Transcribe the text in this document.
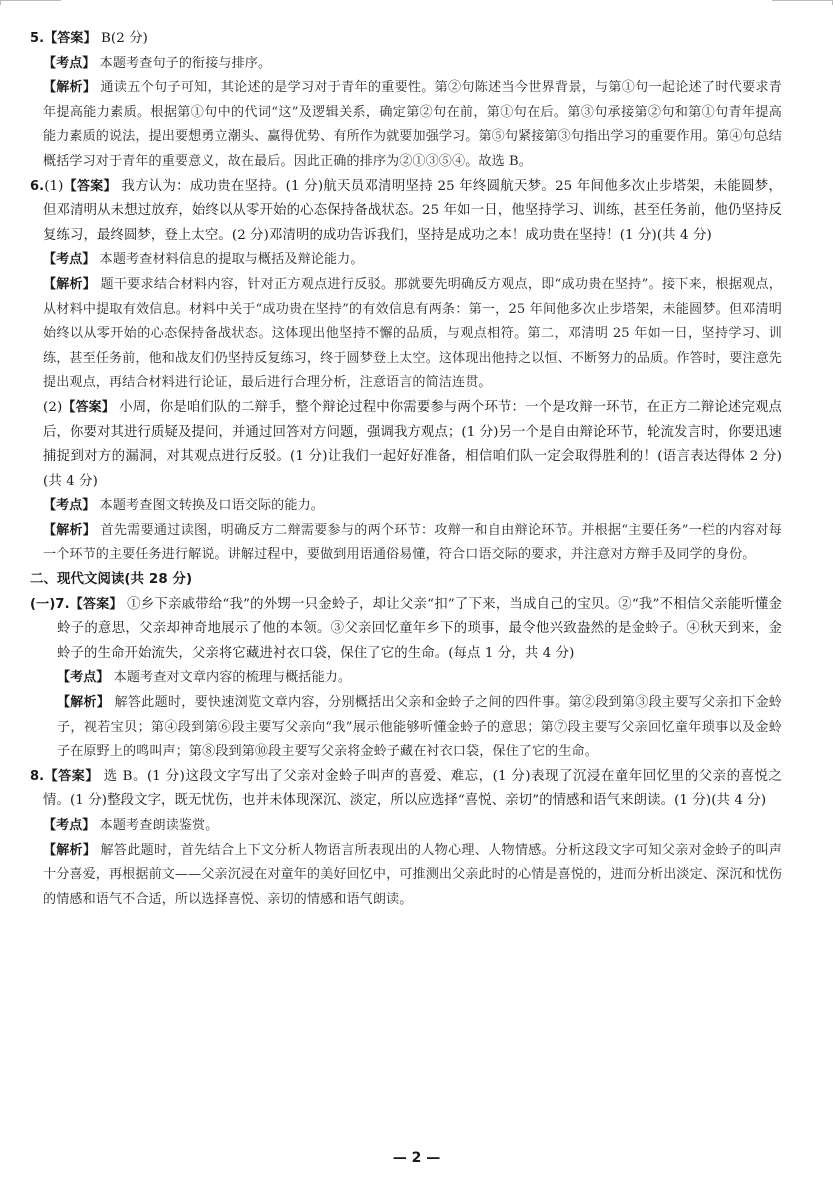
5.【答案】 B(2 分)

【考点】 本题考查句子的衔接与排序。

【解析】 通读五个句子可知，其论述的是学习对于青年的重要性。第②句陈述当今世界背景，与第①句一起论述了时代要求青年提高能力素质。根据第①句中的代词“这”及逻辑关系，确定第②句在前，第①句在后。第③句承接第②句和第①句青年提高能力素质的说法，提出要想勇立潮头、赢得优势、有所作为就要加强学习。第⑤句紧接第③句指出学习的重要作用。第④句总结概括学习对于青年的重要意义，故在最后。因此正确的排序为②①③⑤④。故选 B。

6.(1)【答案】 我方认为：成功贵在坚持。(1 分)航天员邓清明坚持 25 年终圆航天梦。25 年间他多次止步塔架，未能圆梦，但邓清明从未想过放弃，始终以从零开始的心态保持备战状态。25 年如一日，他坚持学习、训练，甚至任务前，他仍坚持反复练习，最终圆梦，登上太空。(2 分)邓清明的成功告诉我们，坚持是成功之本！成功贵在坚持！(1 分)(共 4 分)

【考点】 本题考查材料信息的提取与概括及辩论能力。

【解析】 题干要求结合材料内容，针对正方观点进行反驳。那就要先明确反方观点，即“成功贵在坚持”。接下来，根据观点，从材料中提取有效信息。材料中关于“成功贵在坚持”的有效信息有两条：第一，25 年间他多次止步塔架，未能圆梦。但邓清明始终以从零开始的心态保持备战状态。这体现出他坚持不懈的品质，与观点相符。第二，邓清明 25 年如一日，坚持学习、训练，甚至任务前，他和战友们仍坚持反复练习，终于圆梦登上太空。这体现出他持之以恒、不断努力的品质。作答时，要注意先提出观点，再结合材料进行论证，最后进行合理分析，注意语言的简洁连贯。

(2)【答案】 小周，你是咱们队的二辩手，整个辩论过程中你需要参与两个环节：一个是攻辩一环节，在正方二辩论述完观点后，你要对其进行质疑及提问，并通过回答对方问题，强调我方观点；(1 分)另一个是自由辩论环节，轮流发言时，你要迅速捕捉到对方的漏洞，对其观点进行反驳。(1 分)让我们一起好好准备，相信咱们队一定会取得胜利的！(语言表达得体 2 分)(共 4 分)

【考点】 本题考查图文转换及口语交际的能力。

【解析】 首先需要通过读图，明确反方二辩需要参与的两个环节：攻辩一和自由辩论环节。并根据“主要任务”一栏的内容对每一个环节的主要任务进行解说。讲解过程中，要做到用语通俗易懂，符合口语交际的要求，并注意对方辩手及同学的身份。

二、现代文阅读(共 28 分)

(一)7.【答案】 ①乡下亲戚带给“我”的外甥一只金蛉子，却让父亲“扣”了下来，当成自己的宝贝。②“我”不相信父亲能听懂金蛉子的意思，父亲却神奇地展示了他的本领。③父亲回忆童年乡下的琐事，最令他兴致盎然的是金蛉子。④秋天到来，金蛉子的生命开始流失，父亲将它藏进衬衣口袋，保住了它的生命。(每点 1 分，共 4 分)

【考点】 本题考查对文章内容的梳理与概括能力。

【解析】 解答此题时，要快速浏览文章内容，分别概括出父亲和金蛉子之间的四件事。第②段到第③段主要写父亲扣下金蛉子，视若宝贝；第④段到第⑥段主要写父亲向“我”展示他能够听懂金蛉子的意思；第⑦段主要写父亲回忆童年琐事以及金蛉子在原野上的鸣叫声；第⑧段到第⑩段主要写父亲将金蛉子藏在衬衣口袋，保住了它的生命。

8.【答案】 选 B。(1 分)这段文字写出了父亲对金蛉子叫声的喜爱、难忘，(1 分)表现了沉浸在童年回忆里的父亲的喜悦之情。(1 分)整段文字，既无忧伤，也并未体现深沉、淡定，所以应选择“喜悦、亲切”的情感和语气来朗读。(1 分)(共 4 分)

【考点】 本题考查朗读鉴赏。

【解析】 解答此题时，首先结合上下文分析人物语言所表现出的人物心理、人物情感。分析这段文字可知父亲对金蛉子的叫声十分喜爱，再根据前文——父亲沉浸在对童年的美好回忆中，可推测出父亲此时的心情是喜悦的，进而分析出淡定、深沉和忧伤的情感和语气不合适，所以选择喜悦、亲切的情感和语气朗读。

— 2 —
